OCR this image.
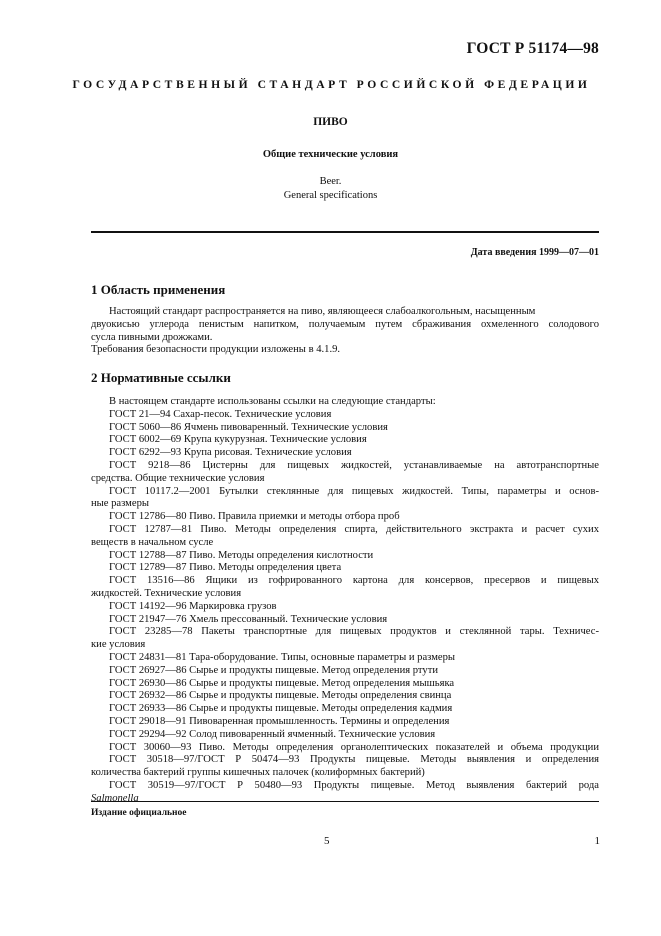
ГОСТ Р 51174—98
ГОСУДАРСТВЕННЫЙ СТАНДАРТ РОССИЙСКОЙ ФЕДЕРАЦИИ
ПИВО
Общие технические условия
Beer.
General specifications
Дата введения 1999—07—01
1 Область применения

Настоящий стандарт распространяется на пиво, являющееся слабоалкогольным, насыщенным

двуокисью углерода пенистым напитком, получаемым путем сбраживания охмеленного солодового

сусла пивными дрожжами.

Требования безопасности продукции изложены в 4.1.9.

2 Нормативные ссылки

В настоящем стандарте использованы ссылки на следующие стандарты:

ГОСТ 21—94 Сахар-песок. Технические условия

ГОСТ 5060—86 Ячмень пивоваренный. Технические условия

ГОСТ 6002—69 Крупа кукурузная. Технические условия

ГОСТ 6292—93 Крупа рисовая. Технические условия

ГОСТ 9218—86 Цистерны для пищевых жидкостей, устанавливаемые на автотранспортные

средства. Общие технические условия

ГОСТ 10117.2—2001 Бутылки стеклянные для пищевых жидкостей. Типы, параметры и основ-

ные размеры

ГОСТ 12786—80 Пиво. Правила приемки и методы отбора проб

ГОСТ 12787—81 Пиво. Методы определения спирта, действительного экстракта и расчет сухих

веществ в начальном сусле

ГОСТ 12788—87 Пиво. Методы определения кислотности

ГОСТ 12789—87 Пиво. Методы определения цвета

ГОСТ 13516—86 Ящики из гофрированного картона для консервов, пресервов и пищевых

жидкостей. Технические условия

ГОСТ 14192—96 Маркировка грузов

ГОСТ 21947—76 Хмель прессованный. Технические условия

ГОСТ 23285—78 Пакеты транспортные для пищевых продуктов и стеклянной тары. Техничес-

кие условия

ГОСТ 24831—81 Тара-оборудование. Типы, основные параметры и размеры

ГОСТ 26927—86 Сырье и продукты пищевые. Метод определения ртути

ГОСТ 26930—86 Сырье и продукты пищевые. Метод определения мышьяка

ГОСТ 26932—86 Сырье и продукты пищевые. Методы определения свинца

ГОСТ 26933—86 Сырье и продукты пищевые. Методы определения кадмия

ГОСТ 29018—91 Пивоваренная промышленность. Термины и определения

ГОСТ 29294—92 Солод пивоваренный ячменный. Технические условия

ГОСТ 30060—93 Пиво. Методы определения органолептических показателей и объема продукции

ГОСТ 30518—97/ГОСТ Р 50474—93 Продукты пищевые. Методы выявления и определения

количества бактерий группы кишечных палочек (колиформных бактерий)

ГОСТ 30519—97/ГОСТ Р 50480—93 Продукты пищевые. Метод выявления бактерий рода

Salmonella

Издание официальное
5	1
